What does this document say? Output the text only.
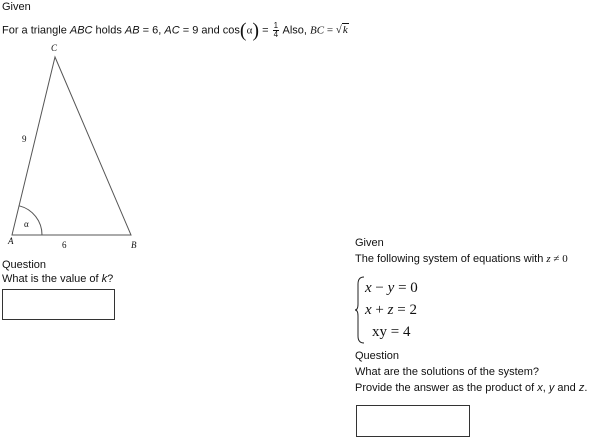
Given
For a triangle ABC holds AB = 6, AC = 9 and $\cos(\alpha) = \frac{1}{4}$ Also, BC = √k
C
A	B
9
6
α
Question
What is the value of k?
Given
The following system of equations with z ≠ 0
x − y = 0
x + z = 2
xy = 4
Question
What are the solutions of the system?
Provide the answer as the product of x, y and z.
